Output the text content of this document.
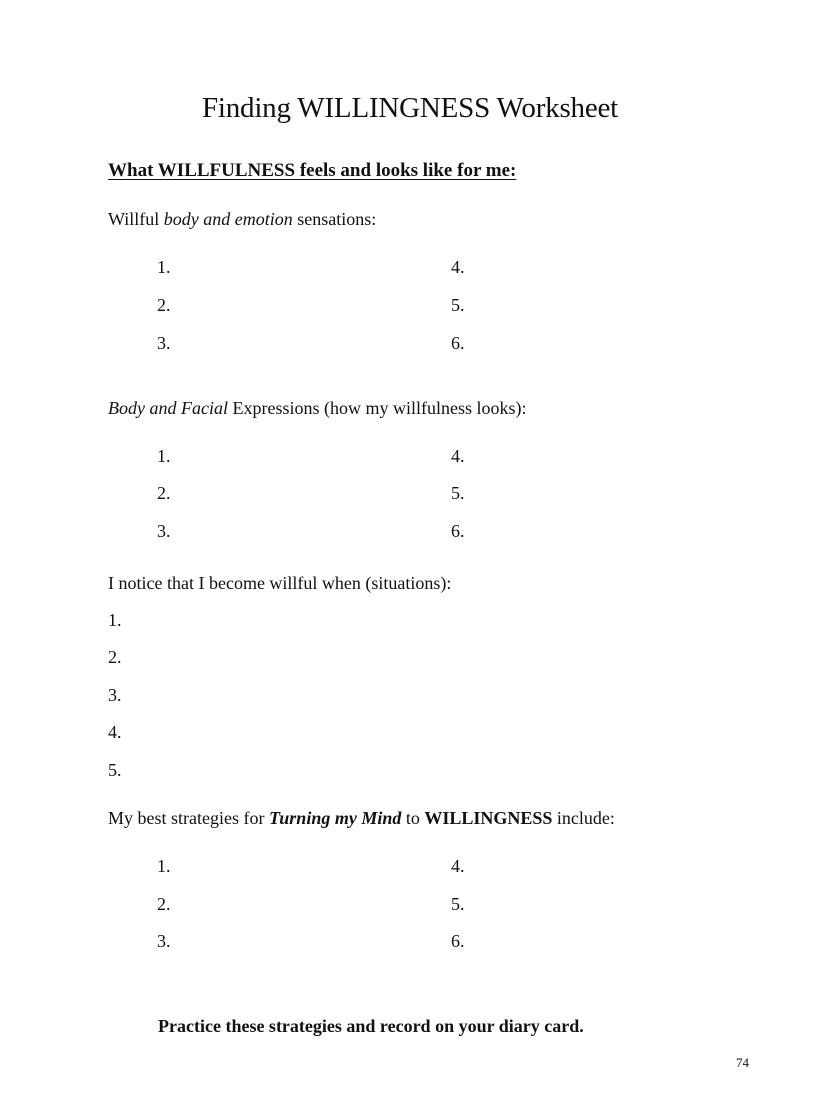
Finding WILLINGNESS Worksheet
What WILLFULNESS feels and looks like for me:
Willful body and emotion sensations:
1.
2.
3.
4.
5.
6.
Body and Facial Expressions (how my willfulness looks):
1.
2.
3.
4.
5.
6.
I notice that I become willful when (situations):
1.
2.
3.
4.
5.
My best strategies for Turning my Mind to WILLINGNESS include:
1.
2.
3.
4.
5.
6.
Practice these strategies and record on your diary card.
74
